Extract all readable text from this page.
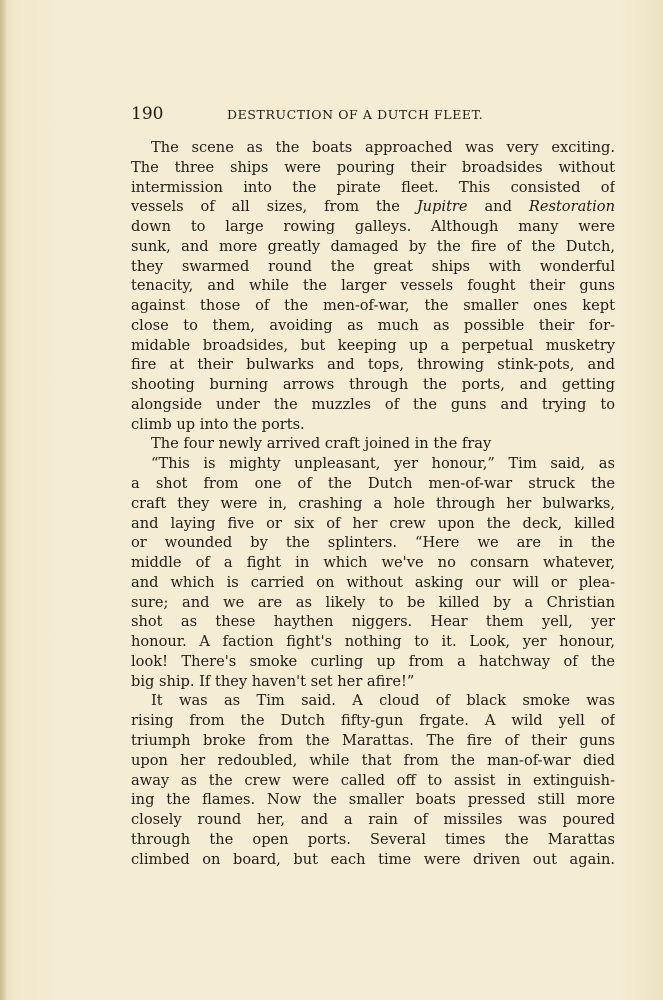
190	DESTRUCTION OF A DUTCH FLEET.
The scene as the boats approached was very exciting.
The three ships were pouring their broadsides without
intermission into the pirate fleet. This consisted of
vessels of all sizes, from the Jupitre and Restoration
down to large rowing galleys. Although many were
sunk, and more greatly damaged by the fire of the Dutch,
they swarmed round the great ships with wonderful
tenacity, and while the larger vessels fought their guns
against those of the men-of-war, the smaller ones kept
close to them, avoiding as much as possible their for-
midable broadsides, but keeping up a perpetual musketry
fire at their bulwarks and tops, throwing stink-pots, and
shooting burning arrows through the ports, and getting
alongside under the muzzles of the guns and trying to
climb up into the ports.
The four newly arrived craft joined in the fray
“This is mighty unpleasant, yer honour,” Tim said, as
a shot from one of the Dutch men-of-war struck the
craft they were in, crashing a hole through her bulwarks,
and laying five or six of her crew upon the deck, killed
or wounded by the splinters. “Here we are in the
middle of a fight in which we've no consarn whatever,
and which is carried on without asking our will or plea-
sure; and we are as likely to be killed by a Christian
shot as these haythen niggers. Hear them yell, yer
honour. A faction fight's nothing to it. Look, yer honour,
look! There's smoke curling up from a hatchway of the
big ship. If they haven't set her afire!”
It was as Tim said. A cloud of black smoke was
rising from the Dutch fifty-gun frgate. A wild yell of
triumph broke from the Marattas. The fire of their guns
upon her redoubled, while that from the man-of-war died
away as the crew were called off to assist in extinguish-
ing the flames. Now the smaller boats pressed still more
closely round her, and a rain of missiles was poured
through the open ports. Several times the Marattas
climbed on board, but each time were driven out again.
